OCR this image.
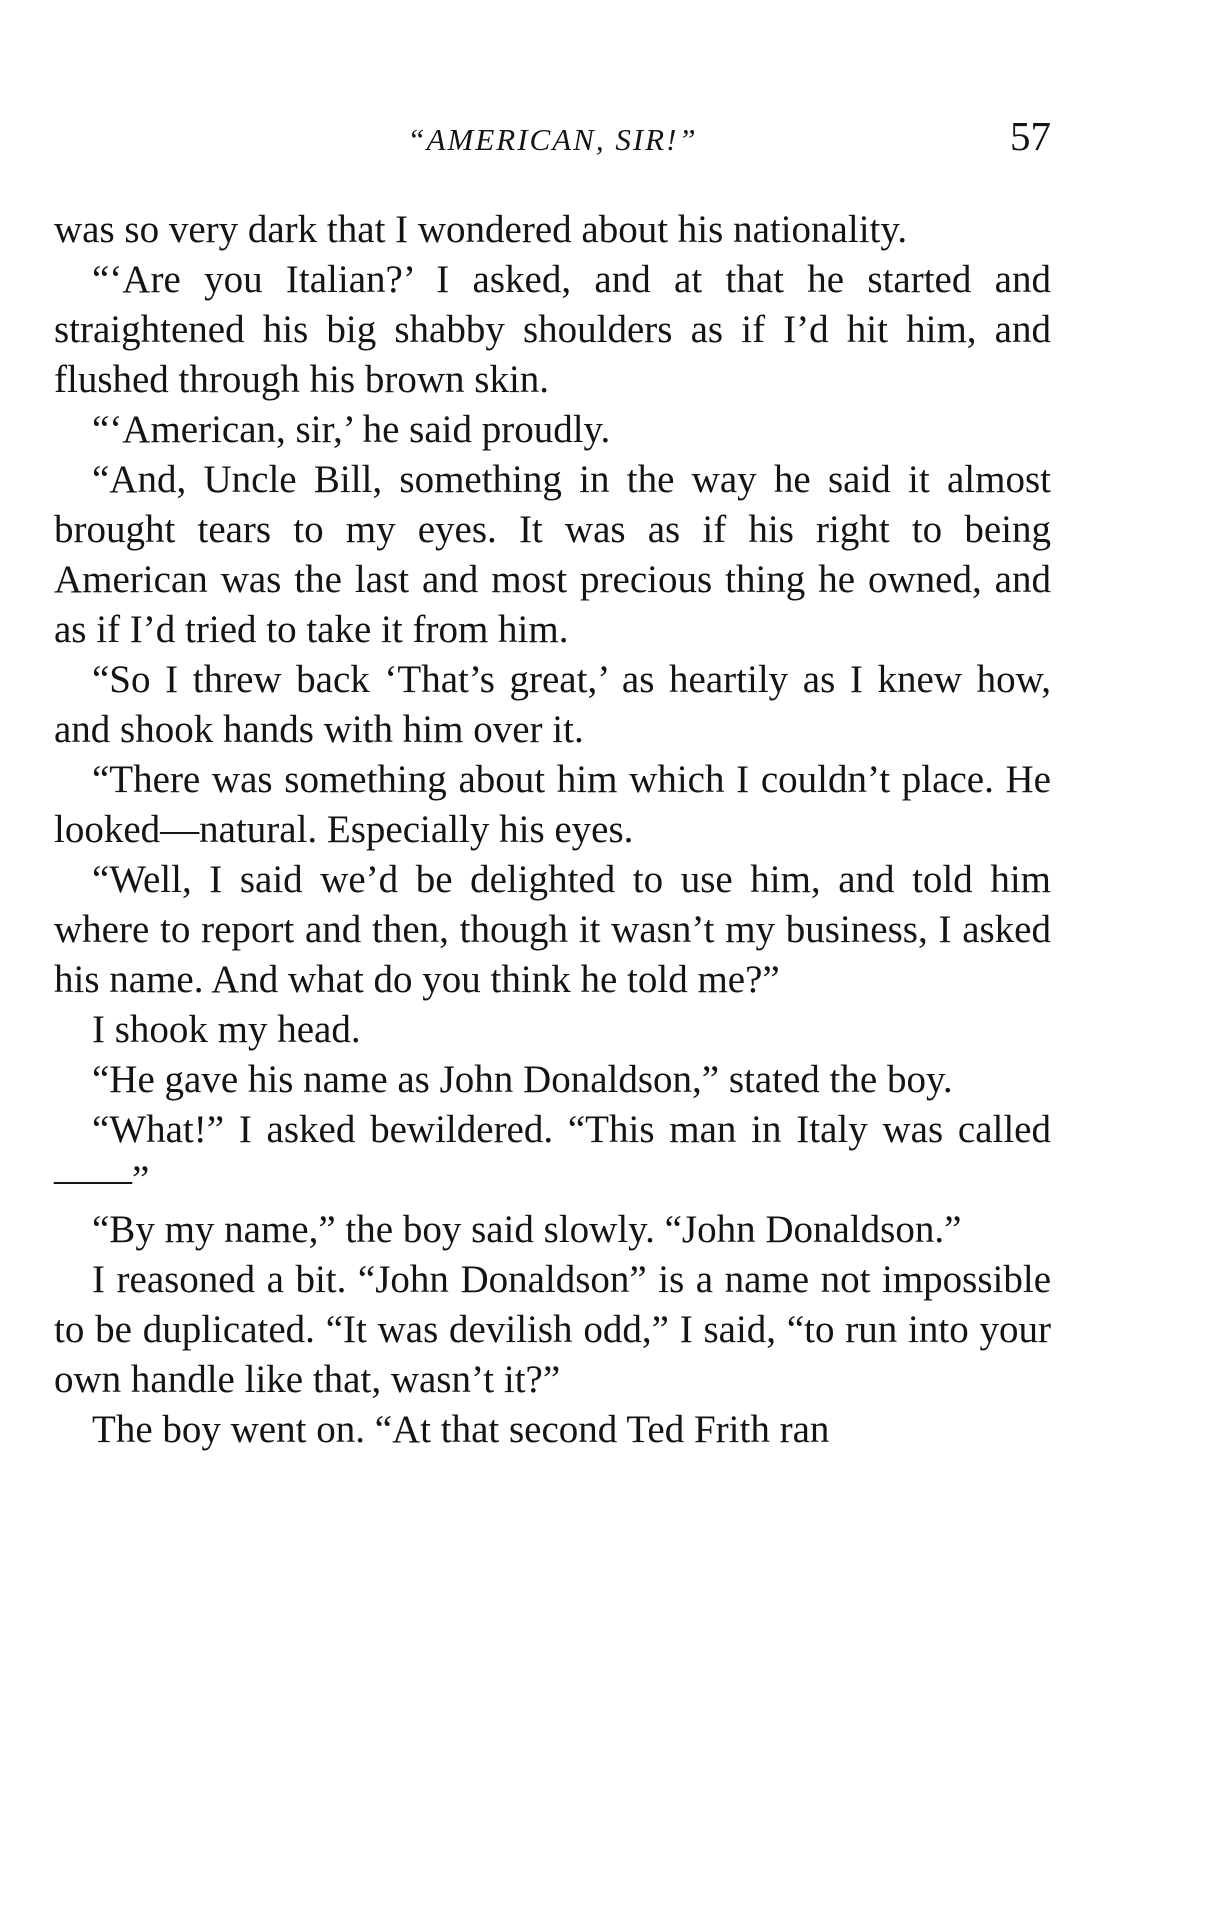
“AMERICAN, SIR!”	57

was so very dark that I wondered about his nationality.

“‘Are you Italian?’ I asked, and at that he started and straightened his big shabby shoulders as if I’d hit him, and flushed through his brown skin.

“‘American, sir,’ he said proudly.

“And, Uncle Bill, something in the way he said it almost brought tears to my eyes. It was as if his right to being American was the last and most precious thing he owned, and as if I’d tried to take it from him.

“So I threw back ‘That’s great,’ as heartily as I knew how, and shook hands with him over it.

“There was something about him which I couldn’t place. He looked—natural. Especially his eyes.

“Well, I said we’d be delighted to use him, and told him where to report and then, though it wasn’t my business, I asked his name. And what do you think he told me?”

I shook my head.

“He gave his name as John Donaldson,” stated the boy.

“What!” I asked bewildered. “This man in Italy was called——”

“By my name,” the boy said slowly. “John Donaldson.”

I reasoned a bit. “John Donaldson” is a name not impossible to be duplicated. “It was devilish odd,” I said, “to run into your own handle like that, wasn’t it?”

The boy went on. “At that second Ted Frith ran
